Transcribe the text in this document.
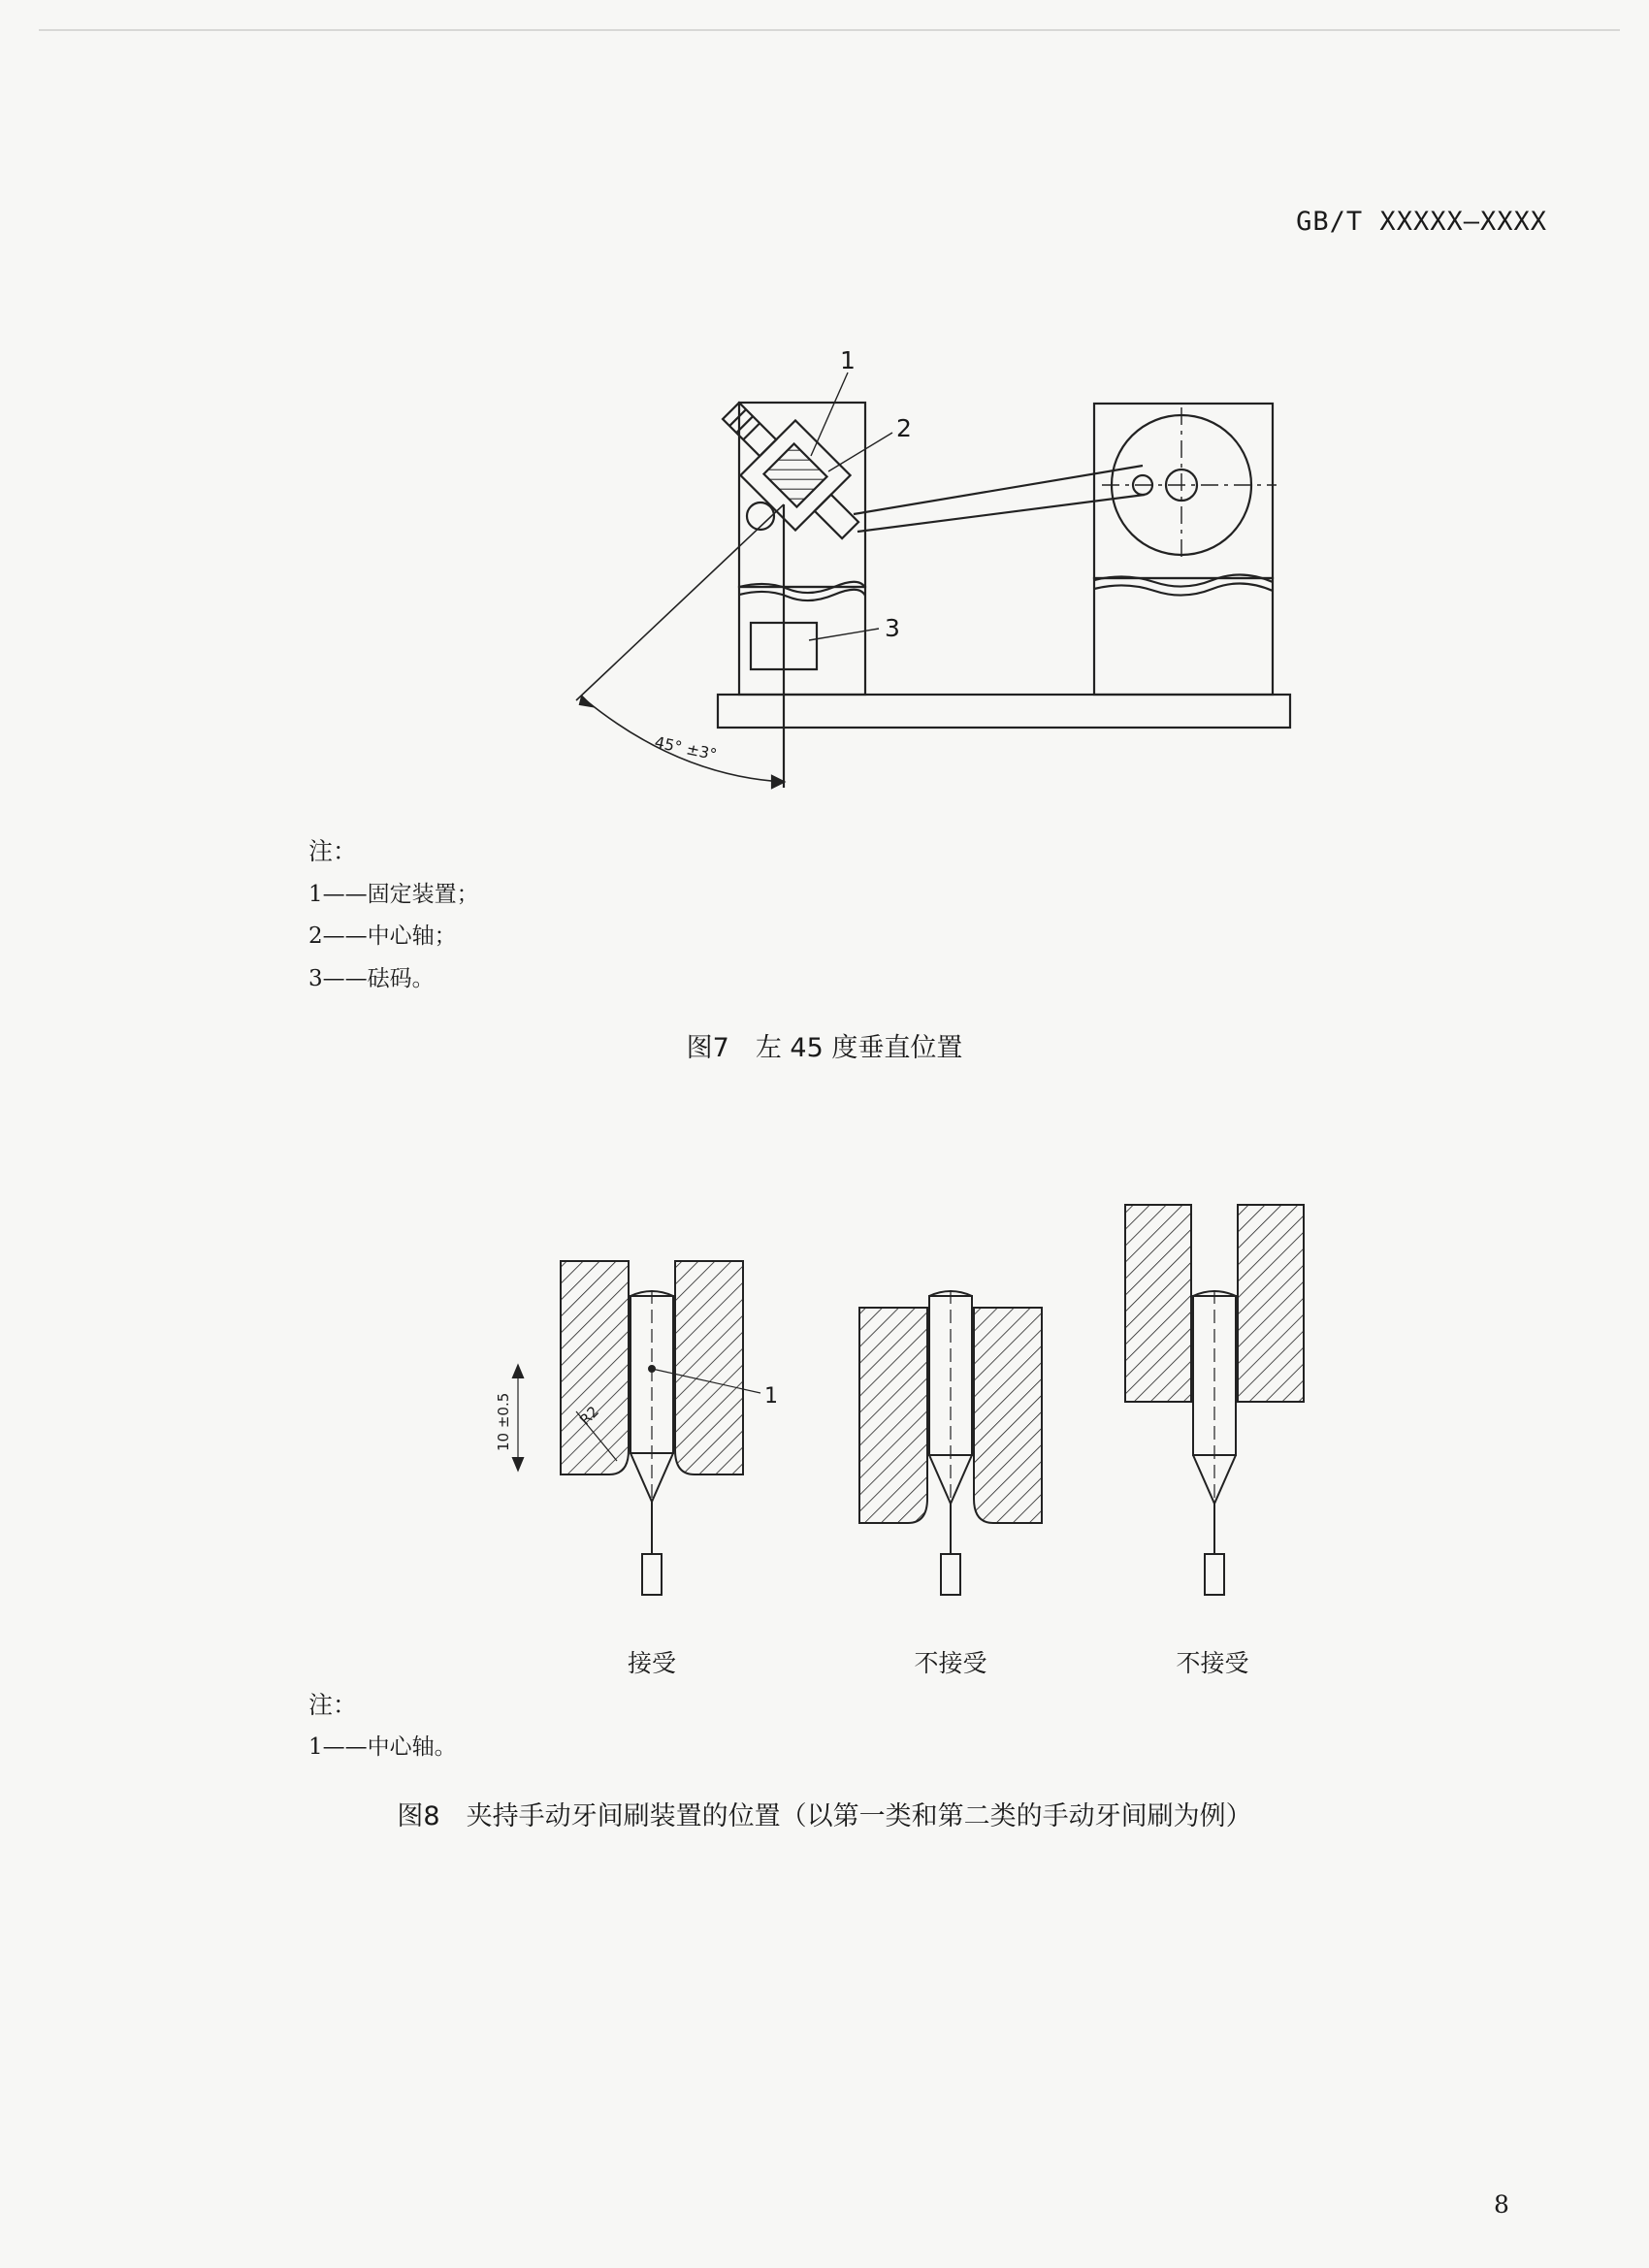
GB/T XXXXX—XXXX
1
2
3
45° ±3°
注：
1——固定装置；
2——中心轴；
3——砝码。
图7　左 45 度垂直位置
1
10 ±0.5	R2
接受	不接受	不接受
注：
1——中心轴。
图8　夹持手动牙间刷装置的位置（以第一类和第二类的手动牙间刷为例）
8
